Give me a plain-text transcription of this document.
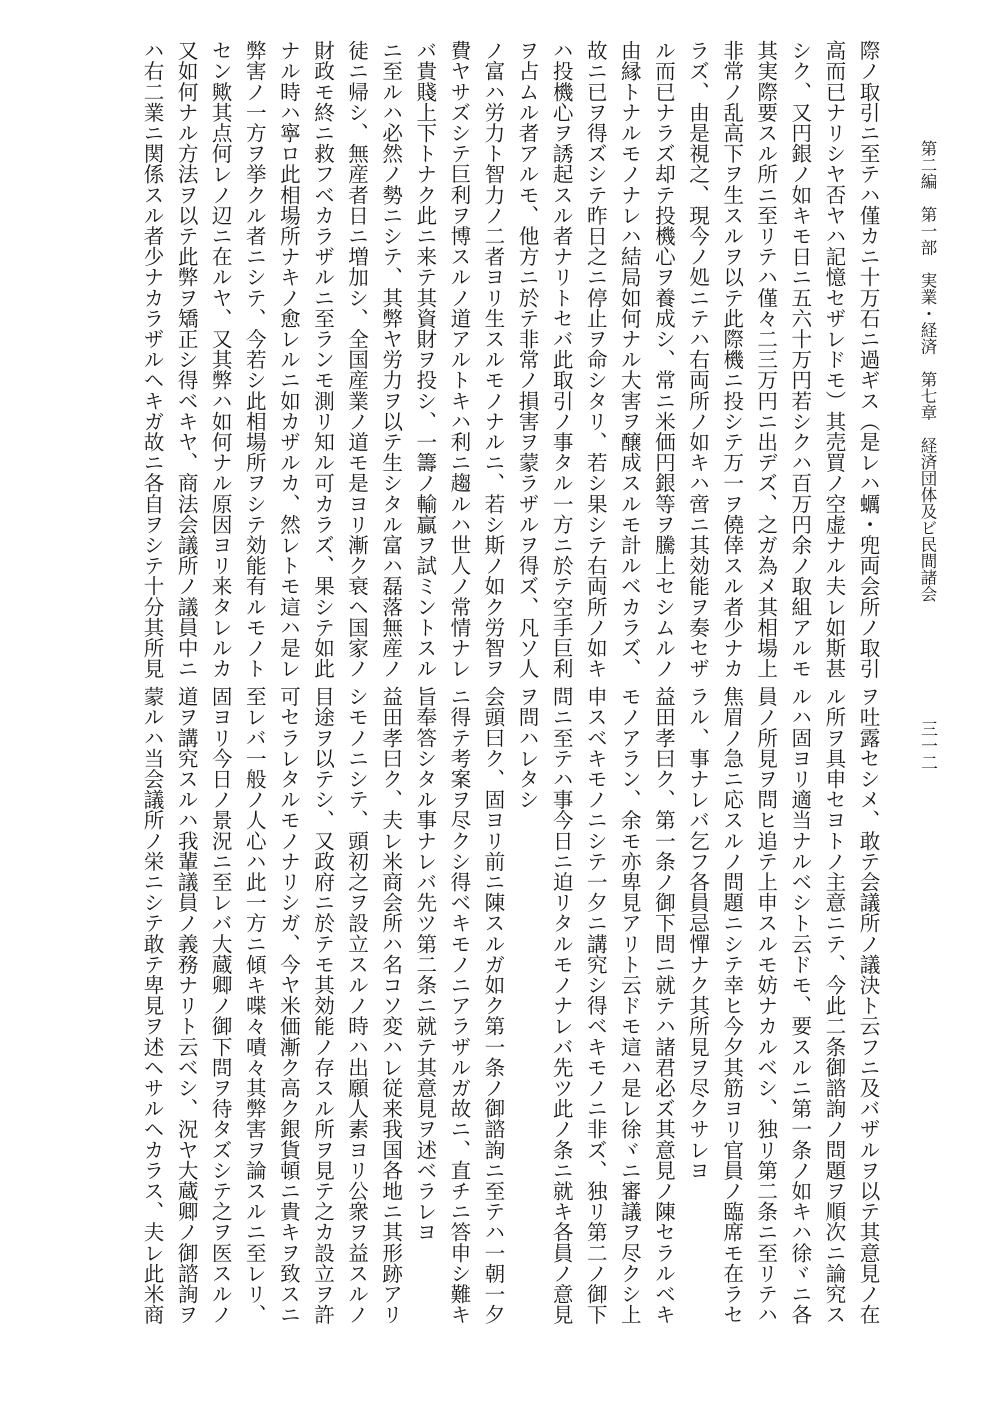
第二編　第一部　実業・経済　第七章　経済団体及ビ民間諸会
三一二
際ノ取引ニ至テハ僅カニ十万石ニ過ギス（是レハ蠣・兜両会所ノ取引
高而已ナリシヤ否ヤハ記憶セザレドモ）其売買ノ空虚ナル夫レ如斯甚
シク、又円銀ノ如キモ日ニ五六十万円若シクハ百万円余ノ取組アルモ
其実際要スル所ニ至リテハ僅々二三万円ニ出デズ、之ガ為メ其相場上
非常ノ乱高下ヲ生スルヲ以テ此際機ニ投シテ万一ヲ僥倖スル者少ナカ
ラズ、由是視之、現今ノ処ニテハ右両所ノ如キハ啻ニ其効能ヲ奏セザ
ル而已ナラズ却テ投機心ヲ養成シ、常ニ米価円銀等ヲ騰上セシムルノ
由縁トナルモノナレハ結局如何ナル大害ヲ醸成スルモ計ルベカラズ、
故ニ已ヲ得ズシテ昨日之ニ停止ヲ命シタリ、若シ果シテ右両所ノ如キ
ハ投機心ヲ誘起スル者ナリトセバ此取引ノ事タル一方ニ於テ空手巨利
ヲ占ムル者アルモ、他方ニ於テ非常ノ損害ヲ蒙ラザルヲ得ズ、凡ソ人
ノ富ハ労力ト智力ノ二者ヨリ生スルモノナルニ、若シ斯ノ如ク労智ヲ
費ヤサズシテ巨利ヲ博スルノ道アルトキハ利ニ趨ルハ世人ノ常情ナレ
バ貴賤上下トナク此ニ来テ其資財ヲ投シ、一籌ノ輸贏ヲ試ミントスル
ニ至ルハ必然ノ勢ニシテ、其弊ヤ労力ヲ以テ生シタル富ハ磊落無産ノ
徒ニ帰シ、無産者日ニ増加シ、全国産業ノ道モ是ヨリ漸ク衰ヘ国家ノ
財政モ終ニ救フベカラザルニ至ランモ測リ知ル可カラズ、果シテ如此
ナル時ハ寧ロ此相場所ナキノ愈レルニ如カザルカ、然レトモ這ハ是レ
弊害ノ一方ヲ挙クル者ニシテ、今若シ此相場所ヲシテ効能有ルモノト
セン歟其点何レノ辺ニ在ルヤ、又其弊ハ如何ナル原因ヨリ来タレルカ
又如何ナル方法ヲ以テ此弊ヲ矯正シ得ベキヤ、商法会議所ノ議員中ニ
ハ右二業ニ関係スル者少ナカラザルヘキガ故ニ各自ヲシテ十分其所見
ヲ吐露セシメ、敢テ会議所ノ議決ト云フニ及バザルヲ以テ其意見ノ在
ル所ヲ具申セヨトノ主意ニテ、今此二条御諮詢ノ問題ヲ順次ニ論究ス
ルハ固ヨリ適当ナルベシト云ドモ、要スルニ第一条ノ如キハ徐ヾニ各
員ノ所見ヲ問ヒ追テ上申スルモ妨ナカルベシ、独リ第二条ニ至リテハ
焦眉ノ急ニ応スルノ問題ニシテ幸ヒ今夕其筋ヨリ官員ノ臨席モ在ラセ
ラル、事ナレバ乞フ各員忌憚ナク其所見ヲ尽クサレヨ
益田孝曰ク、第一条ノ御下問ニ就テハ諸君必ズ其意見ノ陳セラルベキ
モノアラン、余モ亦卑見アリト云ドモ這ハ是レ徐ヾニ審議ヲ尽クシ上
申スベキモノニシテ一夕ニ講究シ得ベキモノニ非ズ、独リ第二ノ御下
問ニ至テハ事今日ニ迫リタルモノナレバ先ツ此ノ条ニ就キ各員ノ意見
ヲ問ハレタシ
会頭曰ク、固ヨリ前ニ陳スルガ如ク第一条ノ御諮詢ニ至テハ一朝一夕
ニ得テ考案ヲ尽クシ得ベキモノニアラザルガ故ニ、直チニ答申シ難キ
旨奉答シタル事ナレバ先ツ第二条ニ就テ其意見ヲ述ベラレヨ
益田孝曰ク、夫レ米商会所ハ名コソ変ハレ従来我国各地ニ其形跡アリ
シモノニシテ、頭初之ヲ設立スルノ時ハ出願人素ヨリ公衆ヲ益スルノ
目途ヲ以テシ、又政府ニ於テモ其効能ノ存スル所ヲ見テ之カ設立ヲ許
可セラレタルモノナリシガ、今ヤ米価漸ク高ク銀貨頓ニ貴キヲ致スニ
至レバ一般ノ人心ハ此一方ニ傾キ喋々嘖々其弊害ヲ論スルニ至レリ、
固ヨリ今日ノ景況ニ至レバ大蔵卿ノ御下問ヲ待タズシテ之ヲ医スルノ
道ヲ講究スルハ我輩議員ノ義務ナリト云ベシ、況ヤ大蔵卿ノ御諮詢ヲ
蒙ルハ当会議所ノ栄ニシテ敢テ卑見ヲ述ヘサルヘカラス、夫レ此米商
